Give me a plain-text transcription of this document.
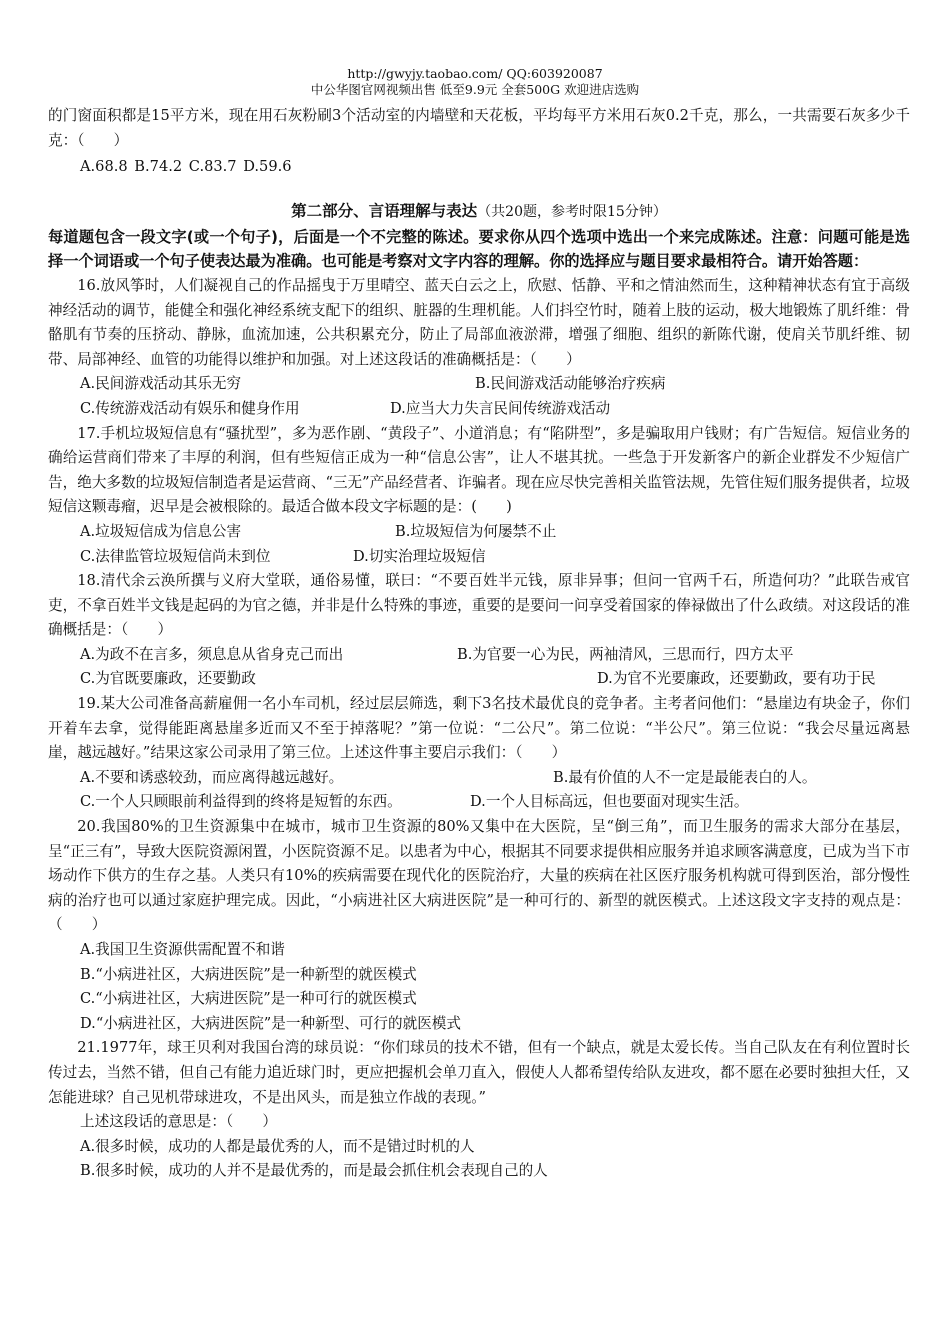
http://gwyjy.taobao.com/ QQ:603920087
中公华图官网视频出售 低至9.9元 全套500G 欢迎进店选购

的门窗面积都是15平方米，现在用石灰粉刷3个活动室的内墙壁和天花板，平均每平方米用石灰0.2千克，那么，一共需要石灰多少千克：（　　）

A.68.8 B.74.2 C.83.7 D.59.6

第二部分、言语理解与表达（共20题，参考时限15分钟）

每道题包含一段文字(或一个句子)，后面是一个不完整的陈述。要求你从四个选项中选出一个来完成陈述。注意：问题可能是选择一个词语或一个句子使表达最为准确。也可能是考察对文字内容的理解。你的选择应与题目要求最相符合。请开始答题：

16.放风筝时，人们凝视自己的作品摇曳于万里晴空、蓝天白云之上，欣慰、恬静、平和之情油然而生，这种精神状态有宜于高级神经活动的调节，能健全和强化神经系统支配下的组织、脏器的生理机能。人们抖空竹时，随着上肢的运动，极大地锻炼了肌纤维：骨骼肌有节奏的压挤动、静脉，血流加速，公共积累充分，防止了局部血液淤滞，增强了细胞、组织的新陈代谢，使肩关节肌纤维、韧带、局部神经、血管的功能得以维护和加强。对上述这段话的准确概括是：（　　）

A.民间游戏活动其乐无穷	B.民间游戏活动能够治疗疾病

C.传统游戏活动有娱乐和健身作用	D.应当大力失言民间传统游戏活动

17.手机垃圾短信息有“骚扰型”，多为恶作剧、“黄段子”、小道消息；有“陷阱型”，多是骗取用户钱财；有广告短信。短信业务的确给运营商们带来了丰厚的利润，但有些短信正成为一种“信息公害”，让人不堪其扰。一些急于开发新客户的新企业群发不少短信广告，绝大多数的垃圾短信制造者是运营商、“三无”产品经营者、诈骗者。现在应尽快完善相关监管法规，先管住短们服务提供者，垃圾短信这颗毒瘤，迟早是会被根除的。最适合做本段文字标题的是：(　　)

A.垃圾短信成为信息公害	B.垃圾短信为何屡禁不止

C.法律监管垃圾短信尚未到位	D.切实治理垃圾短信

18.清代余云涣所撰与义府大堂联，通俗易懂，联曰：“不要百姓半元钱，原非异事；但问一官两千石，所造何功？”此联告戒官吏，不拿百姓半文钱是起码的为官之德，并非是什么特殊的事迹，重要的是要问一问享受着国家的俸禄做出了什么政绩。对这段话的准确概括是：（　　）

A.为政不在言多，须息息从省身克己而出	B.为官要一心为民，两袖清风，三思而行，四方太平

C.为官既要廉政，还要勤政	D.为官不光要廉政，还要勤政，要有功于民

19.某大公司准备高薪雇佣一名小车司机，经过层层筛选，剩下3名技术最优良的竞争者。主考者问他们：“悬崖边有块金子，你们开着车去拿，觉得能距离悬崖多近而又不至于掉落呢？”第一位说：“二公尺”。第二位说：“半公尺”。第三位说：“我会尽量远离悬崖，越远越好。”结果这家公司录用了第三位。上述这件事主要启示我们：（　　）

A.不要和诱惑较劲，而应离得越远越好。	B.最有价值的人不一定是最能表白的人。

C.一个人只顾眼前利益得到的终将是短暂的东西。	D.一个人目标高远，但也要面对现实生活。

20.我国80%的卫生资源集中在城市，城市卫生资源的80%又集中在大医院，呈“倒三角”，而卫生服务的需求大部分在基层，呈“正三有”，导致大医院资源闲置，小医院资源不足。以患者为中心，根据其不同要求提供相应服务并追求顾客满意度，已成为当下市场动作下供方的生存之基。人类只有10%的疾病需要在现代化的医院治疗，大量的疾病在社区医疗服务机构就可得到医治，部分慢性病的治疗也可以通过家庭护理完成。因此，“小病进社区大病进医院”是一种可行的、新型的就医模式。上述这段文字支持的观点是：（　　）

A.我国卫生资源供需配置不和谐

B.“小病进社区，大病进医院”是一种新型的就医模式

C.“小病进社区，大病进医院”是一种可行的就医模式

D.“小病进社区，大病进医院”是一种新型、可行的就医模式

21.1977年，球王贝利对我国台湾的球员说：“你们球员的技术不错，但有一个缺点，就是太爱长传。当自己队友在有利位置时长传过去，当然不错，但自己有能力追近球门时，更应把握机会单刀直入，假使人人都希望传给队友进攻，都不愿在必要时独担大任，又怎能进球？自己见机带球进攻，不是出风头，而是独立作战的表现。”

上述这段话的意思是：（　　）

A.很多时候，成功的人都是最优秀的人，而不是错过时机的人

B.很多时候，成功的人并不是最优秀的，而是最会抓住机会表现自己的人
